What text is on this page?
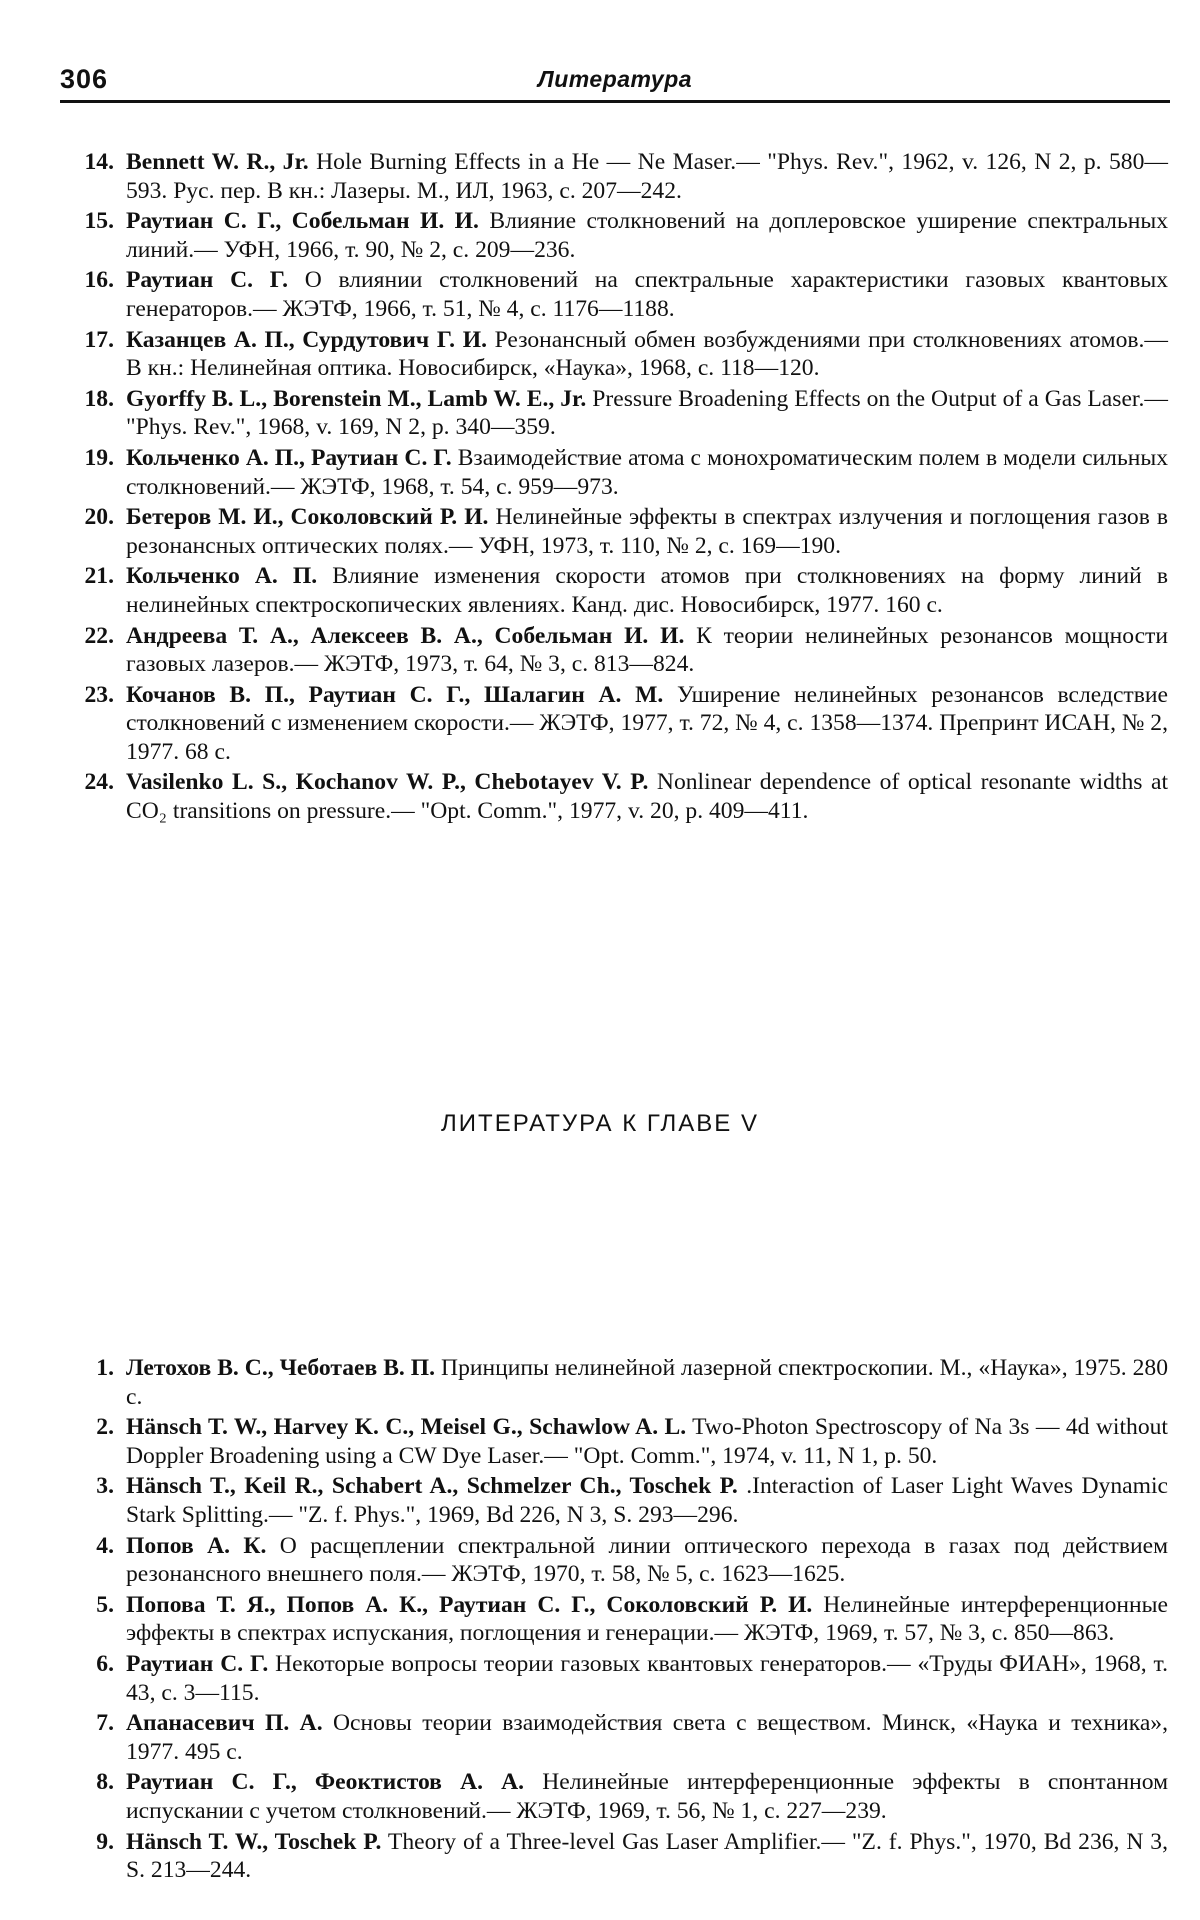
306	Литература
14. Bennett W. R., Jr. Hole Burning Effects in a He — Ne Maser.— "Phys. Rev.", 1962, v. 126, N 2, p. 580—593. Рус. пер. В кн.: Лазеры. М., ИЛ, 1963, с. 207—242.
15. Раутиан С. Г., Собельман И. И. Влияние столкновений на доплеровское уширение спектральных линий.— УФН, 1966, т. 90, № 2, с. 209—236.
16. Раутиан С. Г. О влиянии столкновений на спектральные характеристики газовых квантовых генераторов.— ЖЭТФ, 1966, т. 51, № 4, с. 1176—1188.
17. Казанцев А. П., Сурдутович Г. И. Резонансный обмен возбуждениями при столкновениях атомов.— В кн.: Нелинейная оптика. Новосибирск, «Наука», 1968, с. 118—120.
18. Gyorffy B. L., Borenstein M., Lamb W. E., Jr. Pressure Broadening Effects on the Output of a Gas Laser.— "Phys. Rev.", 1968, v. 169, N 2, p. 340—359.
19. Кольченко А. П., Раутиан С. Г. Взаимодействие атома с монохроматическим полем в модели сильных столкновений.— ЖЭТФ, 1968, т. 54, с. 959—973.
20. Бетеров М. И., Соколовский Р. И. Нелинейные эффекты в спектрах излучения и поглощения газов в резонансных оптических полях.— УФН, 1973, т. 110, № 2, с. 169—190.
21. Кольченко А. П. Влияние изменения скорости атомов при столкновениях на форму линий в нелинейных спектроскопических явлениях. Канд. дис. Новосибирск, 1977. 160 с.
22. Андреева Т. А., Алексеев В. А., Собельман И. И. К теории нелинейных резонансов мощности газовых лазеров.— ЖЭТФ, 1973, т. 64, № 3, с. 813—824.
23. Кочанов В. П., Раутиан С. Г., Шалагин А. М. Уширение нелинейных резонансов вследствие столкновений с изменением скорости.— ЖЭТФ, 1977, т. 72, № 4, с. 1358—1374. Препринт ИСАН, № 2, 1977. 68 с.
24. Vasilenko L. S., Kochanov W. P., Chebotayev V. P. Nonlinear dependence of optical resonante widths at CO₂ transitions on pressure.— "Opt. Comm.", 1977, v. 20, p. 409—411.
ЛИТЕРАТУРА К ГЛАВЕ V
1. Летохов В. С., Чеботаев В. П. Принципы нелинейной лазерной спектроскопии. М., «Наука», 1975. 280 с.
2. Hänsch T. W., Harvey K. C., Meisel G., Schawlow A. L. Two-Photon Spectroscopy of Na 3s — 4d without Doppler Broadening using a CW Dye Laser.— "Opt. Comm.", 1974, v. 11, N 1, p. 50.
3. Hänsch T., Keil R., Schabert A., Schmelzer Ch., Toschek P. .Interaction of Laser Light Waves Dynamic Stark Splitting.— "Z. f. Phys.", 1969, Bd 226, N 3, S. 293—296.
4. Попов А. К. О расщеплении спектральной линии оптического перехода в газах под действием резонансного внешнего поля.— ЖЭТФ, 1970, т. 58, № 5, с. 1623—1625.
5. Попова Т. Я., Попов А. К., Раутиан С. Г., Соколовский Р. И. Нелинейные интерференционные эффекты в спектрах испускания, поглощения и генерации.— ЖЭТФ, 1969, т. 57, № 3, с. 850—863.
6. Раутиан С. Г. Некоторые вопросы теории газовых квантовых генераторов.— «Труды ФИАН», 1968, т. 43, с. 3—115.
7. Апанасевич П. А. Основы теории взаимодействия света с веществом. Минск, «Наука и техника», 1977. 495 с.
8. Раутиан С. Г., Феоктистов А. А. Нелинейные интерференционные эффекты в спонтанном испускании с учетом столкновений.— ЖЭТФ, 1969, т. 56, № 1, с. 227—239.
9. Hänsch T. W., Toschek P. Theory of a Three-level Gas Laser Amplifier.— "Z. f. Phys.", 1970, Bd 236, N 3, S. 213—244.
